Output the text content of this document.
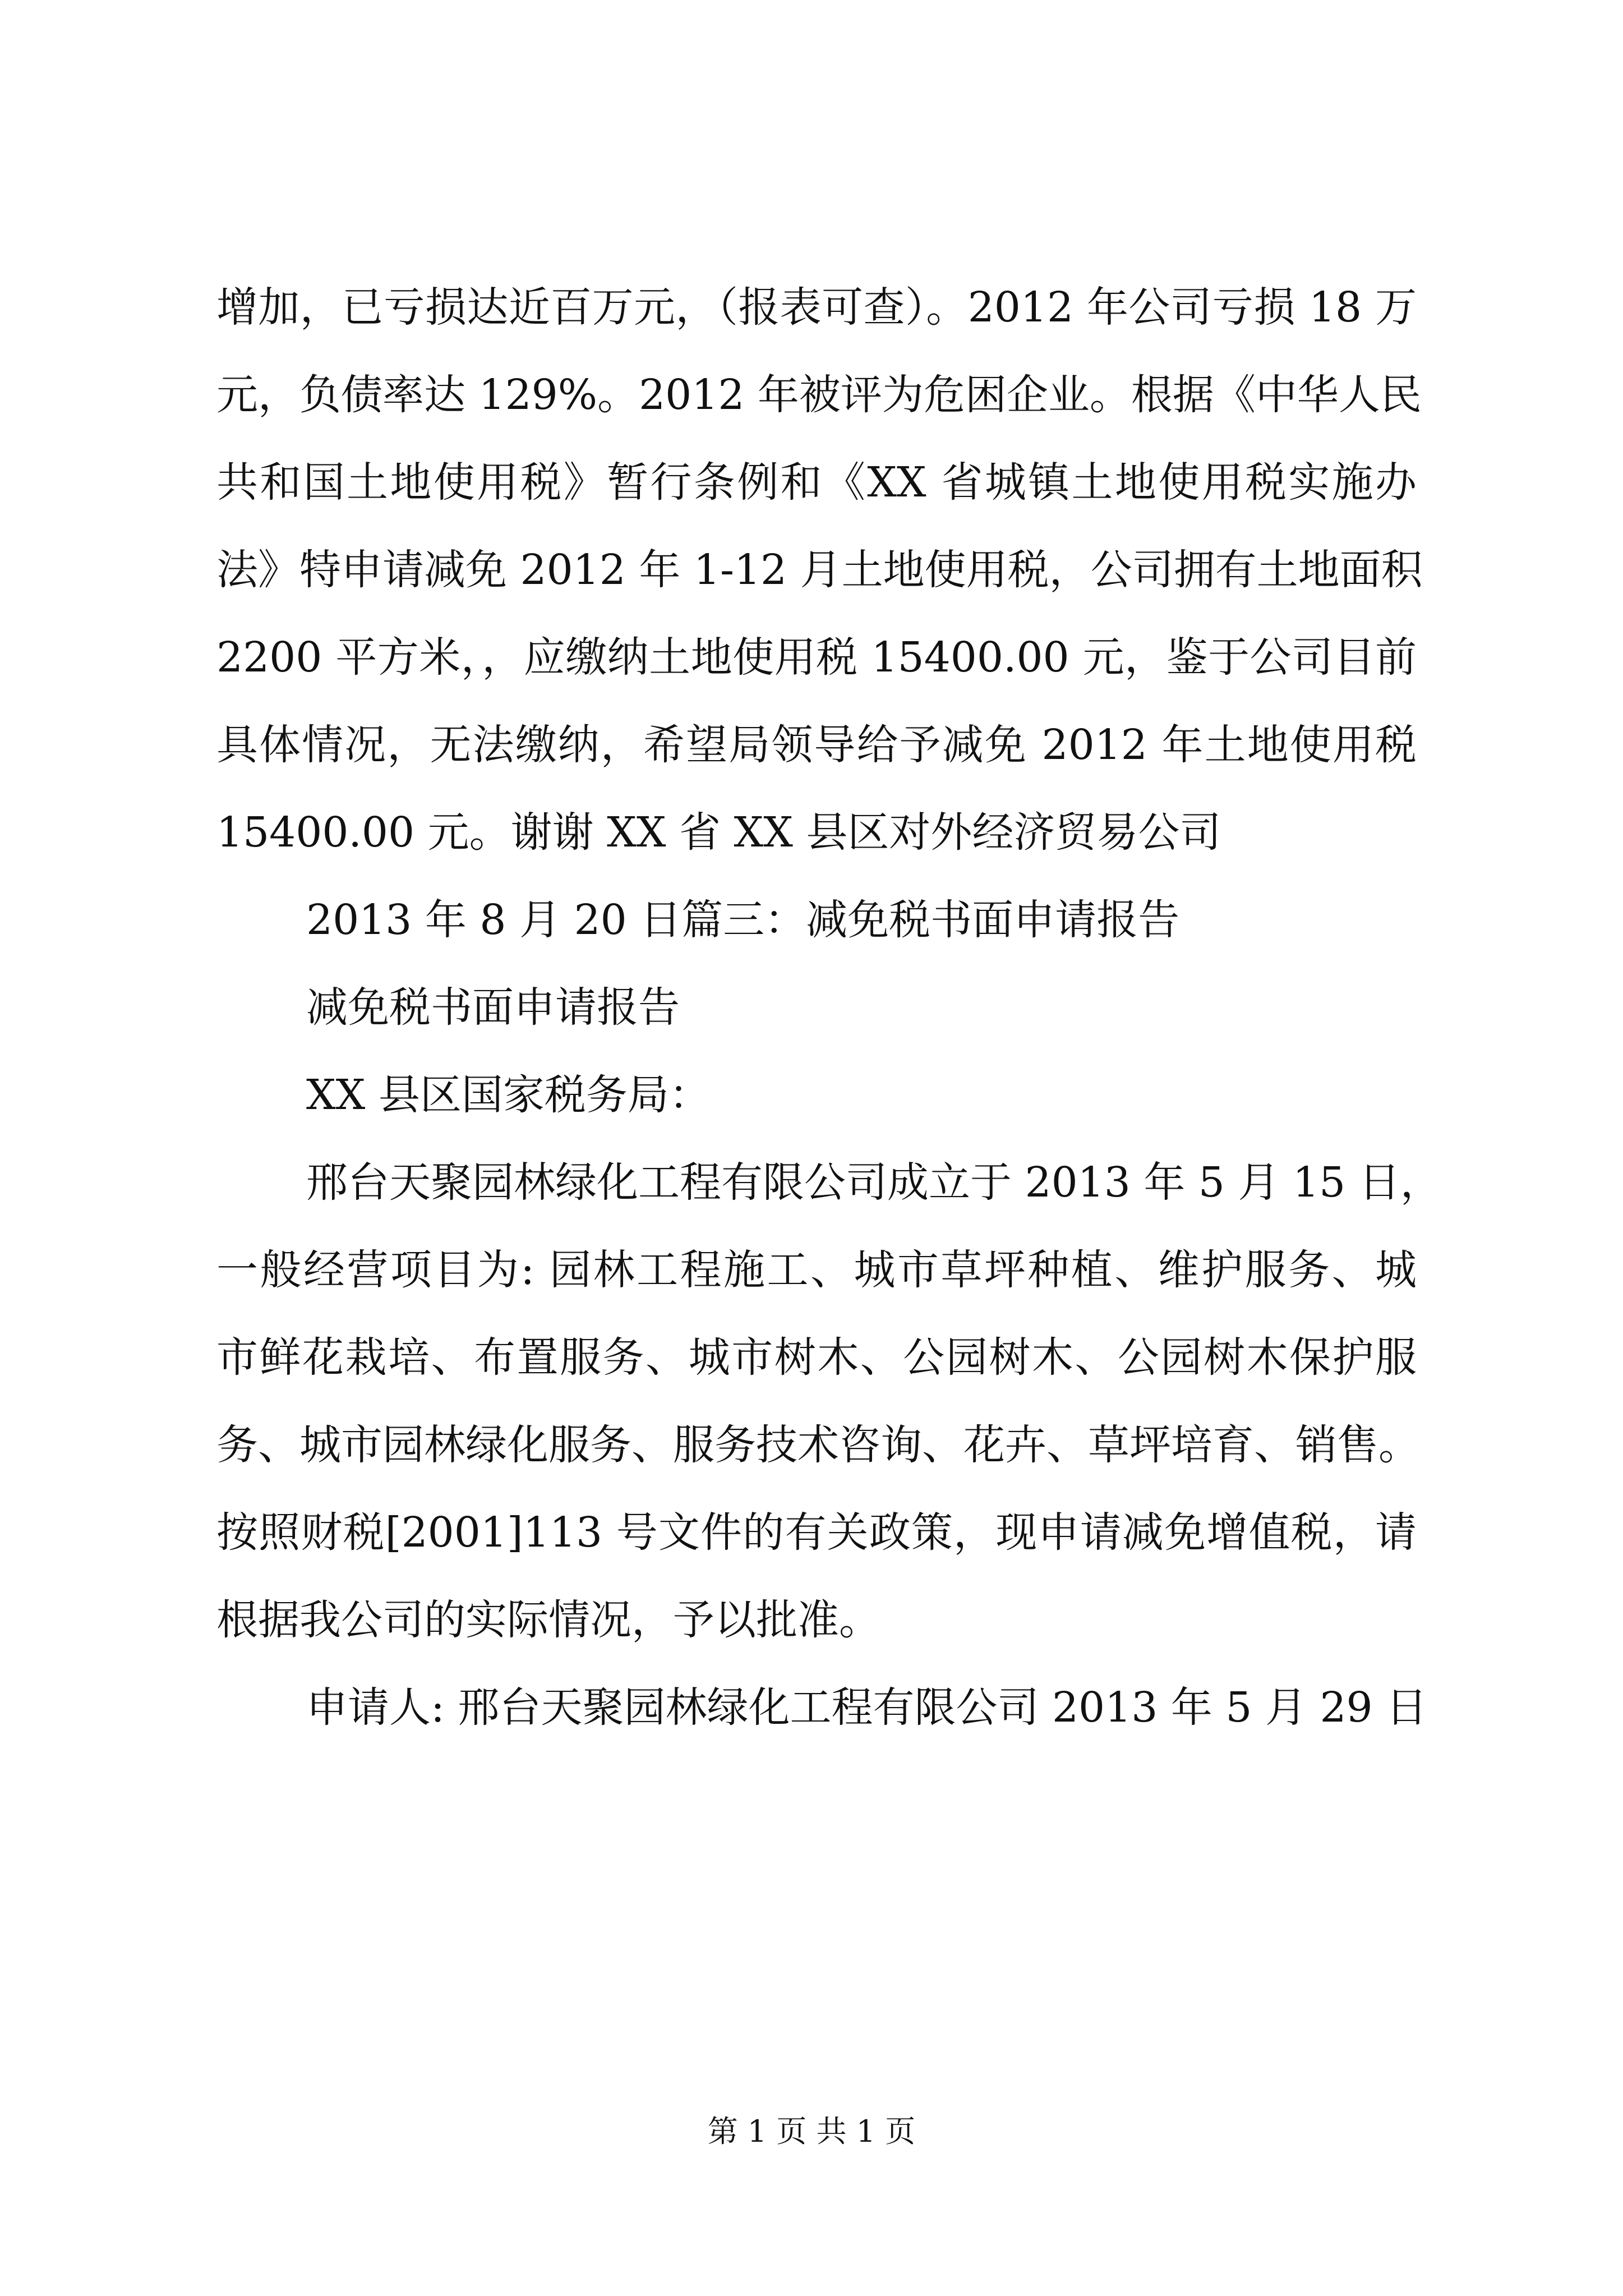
增加，已亏损达近百万元，（报表可查）。2012 年公司亏损 18 万
元，负债率达 129%。2012 年被评为危困企业。根据《中华人民
共和国土地使用税》暂行条例和《XX 省城镇土地使用税实施办
法》特申请减免 2012 年 1-12 月土地使用税，公司拥有土地面积
2200 平方米，，应缴纳土地使用税 15400.00 元，鉴于公司目前
具体情况，无法缴纳，希望局领导给予减免 2012 年土地使用税
15400.00 元。谢谢 XX 省 XX 县区对外经济贸易公司
2013 年 8 月 20 日篇三：减免税书面申请报告
减免税书面申请报告
XX 县区国家税务局：
邢台天聚园林绿化工程有限公司成立于 2013 年 5 月 15 日，
一般经营项目为: 园林工程施工、城市草坪种植、维护服务、城
市鲜花栽培、布置服务、城市树木、公园树木、公园树木保护服
务、城市园林绿化服务、服务技术咨询、花卉、草坪培育、销售。
按照财税[2001]113 号文件的有关政策，现申请减免增值税，请
根据我公司的实际情况，予以批准。
申请人: 邢台天聚园林绿化工程有限公司 2013 年 5 月 29 日
第 1 页 共 1 页
